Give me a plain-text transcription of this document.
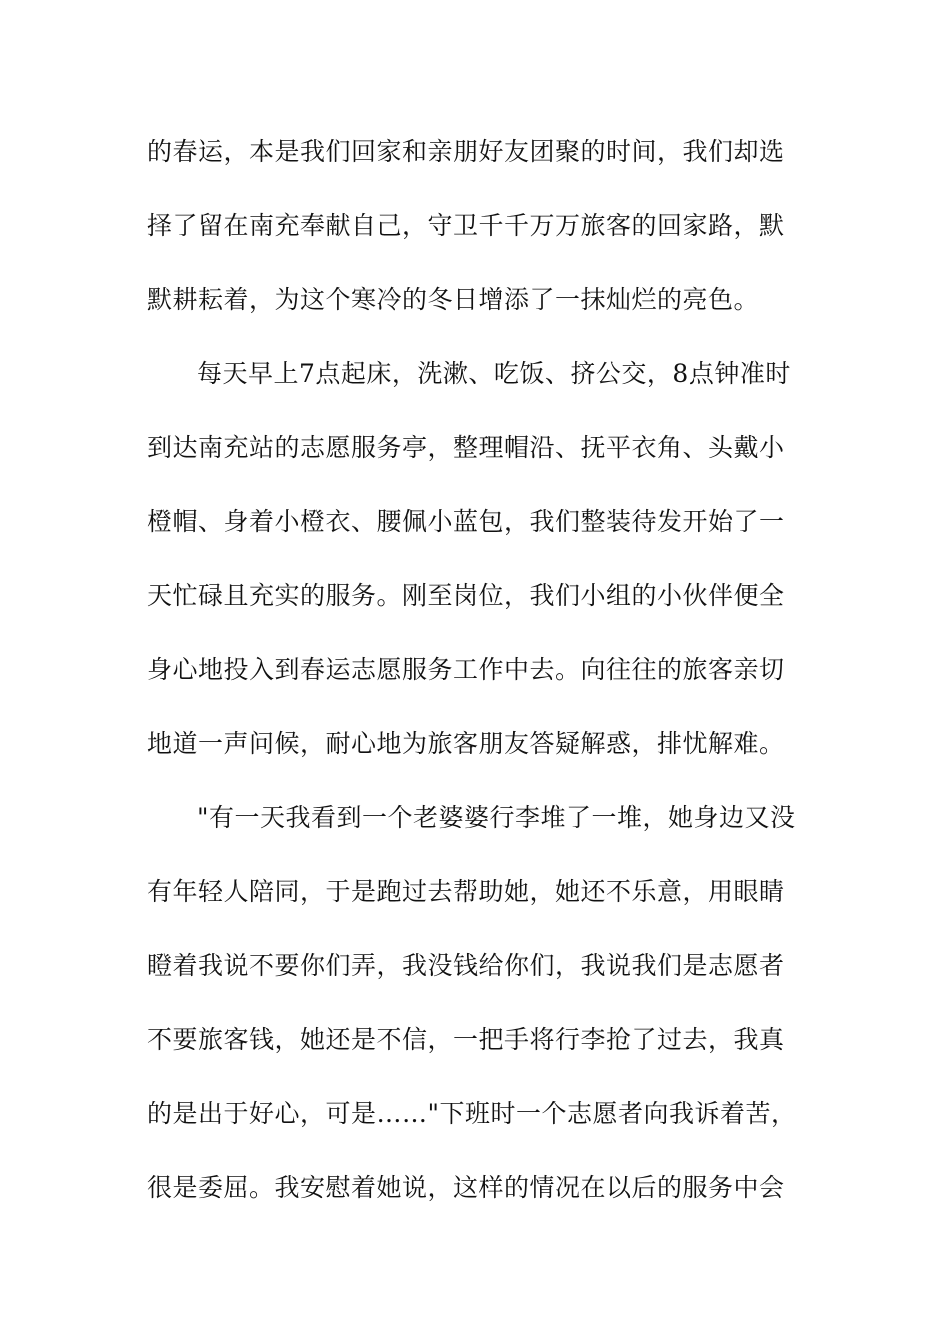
的春运，本是我们回家和亲朋好友团聚的时间，我们却选
择了留在南充奉献自己，守卫千千万万旅客的回家路，默
默耕耘着，为这个寒冷的冬日增添了一抹灿烂的亮色。
每天早上7点起床，洗漱、吃饭、挤公交，8点钟准时
到达南充站的志愿服务亭，整理帽沿、抚平衣角、头戴小
橙帽、身着小橙衣、腰佩小蓝包，我们整装待发开始了一
天忙碌且充实的服务。刚至岗位，我们小组的小伙伴便全
身心地投入到春运志愿服务工作中去。向往往的旅客亲切
地道一声问候，耐心地为旅客朋友答疑解惑，排忧解难。
"有一天我看到一个老婆婆行李堆了一堆，她身边又没
有年轻人陪同，于是跑过去帮助她，她还不乐意，用眼睛
瞪着我说不要你们弄，我没钱给你们，我说我们是志愿者
不要旅客钱，她还是不信，一把手将行李抢了过去，我真
的是出于好心，可是……"下班时一个志愿者向我诉着苦，
很是委屈。我安慰着她说，这样的情况在以后的服务中会
